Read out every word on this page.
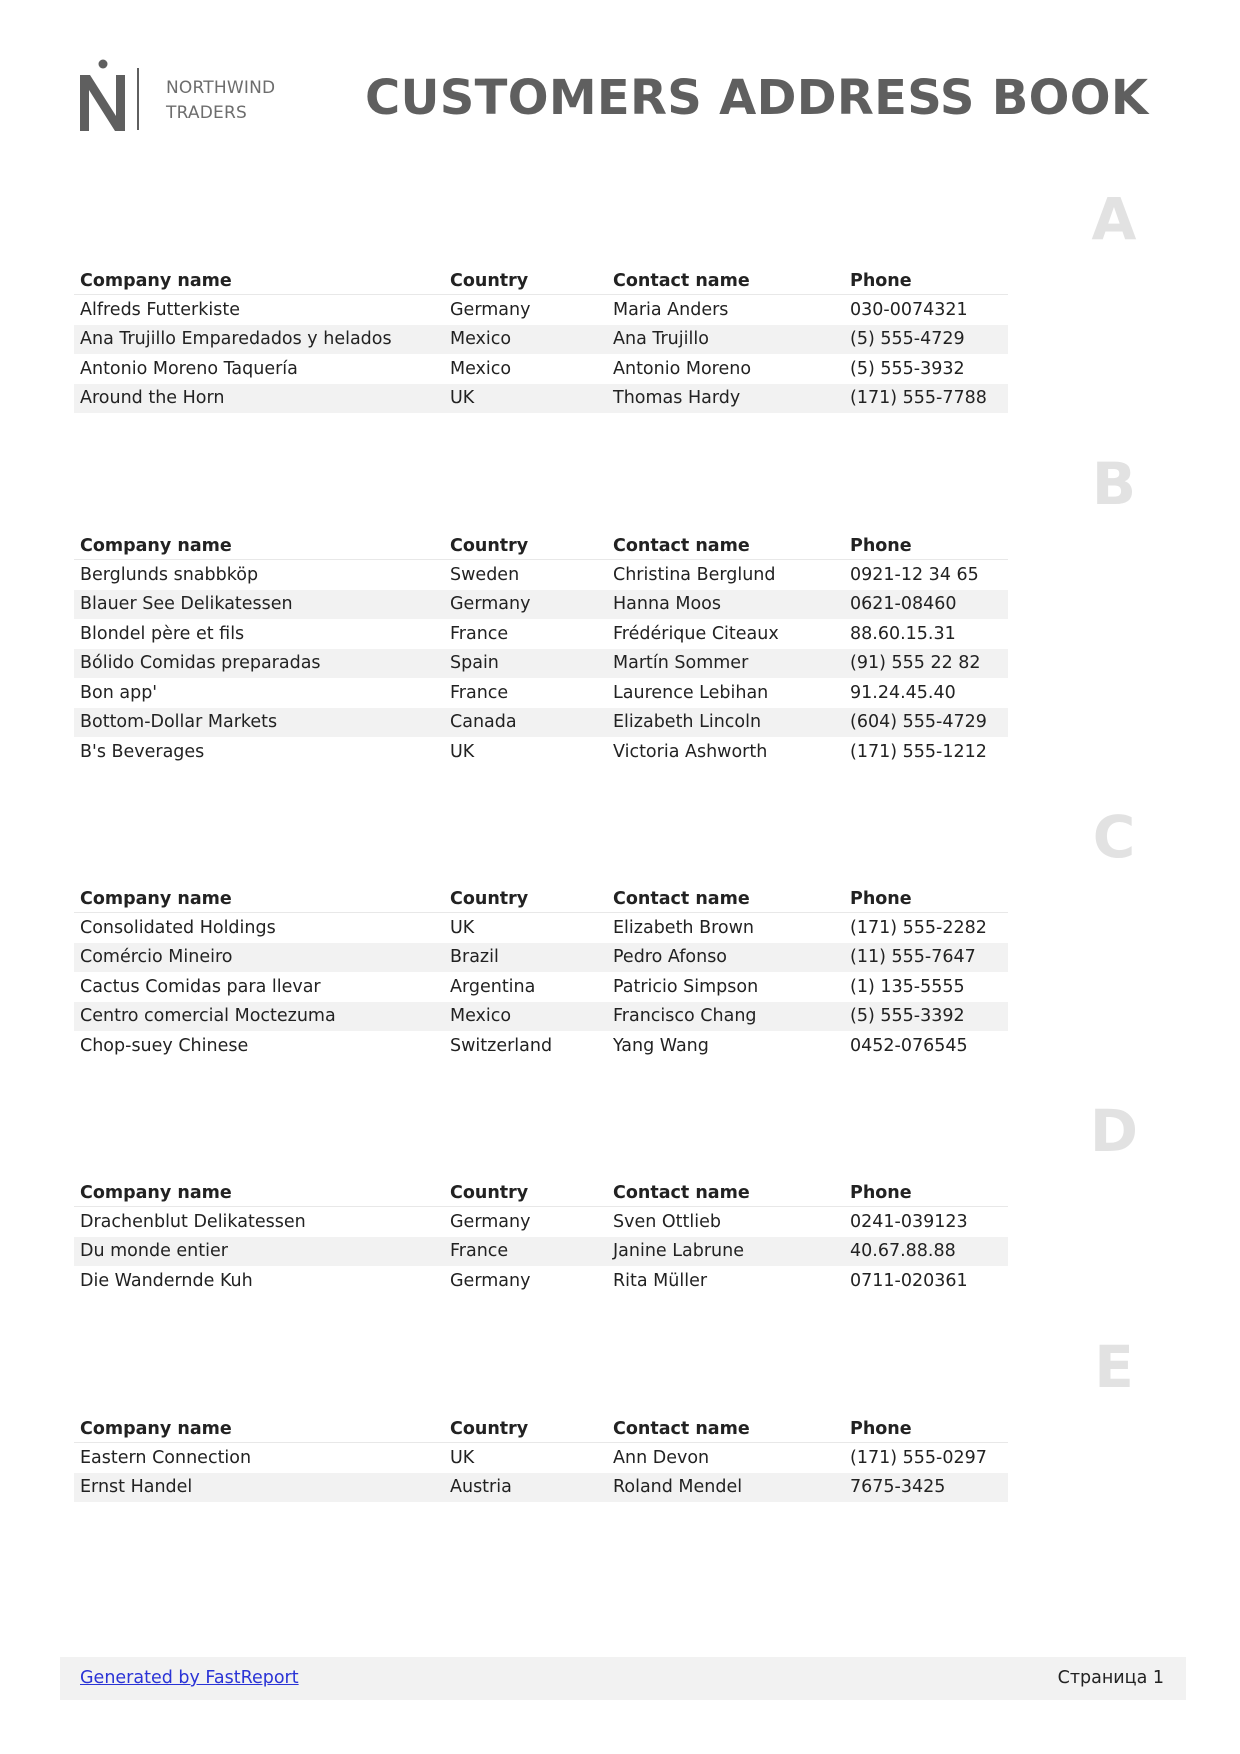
NORTHWIND
TRADERS	CUSTOMERS ADDRESS BOOK
Company name	Country	Contact name	Phone
Alfreds Futterkiste	Germany	Maria Anders	030-0074321
Ana Trujillo Emparedados y helados	Mexico	Ana Trujillo	(5) 555-4729
Antonio Moreno Taquería	Mexico	Antonio Moreno	(5) 555-3932
Around the Horn	UK	Thomas Hardy	(171) 555-7788
Company name	Country	Contact name	Phone
Berglunds snabbköp	Sweden	Christina Berglund	0921-12 34 65
Blauer See Delikatessen	Germany	Hanna Moos	0621-08460
Blondel père et fils	France	Frédérique Citeaux	88.60.15.31
Bólido Comidas preparadas	Spain	Martín Sommer	(91) 555 22 82
Bon app'	France	Laurence Lebihan	91.24.45.40
Bottom-Dollar Markets	Canada	Elizabeth Lincoln	(604) 555-4729
B's Beverages	UK	Victoria Ashworth	(171) 555-1212
Company name	Country	Contact name	Phone
Consolidated Holdings	UK	Elizabeth Brown	(171) 555-2282
Comércio Mineiro	Brazil	Pedro Afonso	(11) 555-7647
Cactus Comidas para llevar	Argentina	Patricio Simpson	(1) 135-5555
Centro comercial Moctezuma	Mexico	Francisco Chang	(5) 555-3392
Chop-suey Chinese	Switzerland	Yang Wang	0452-076545
Company name	Country	Contact name	Phone
Drachenblut Delikatessen	Germany	Sven Ottlieb	0241-039123
Du monde entier	France	Janine Labrune	40.67.88.88
Die Wandernde Kuh	Germany	Rita Müller	0711-020361
Company name	Country	Contact name	Phone
Eastern Connection	UK	Ann Devon	(171) 555-0297
Ernst Handel	Austria	Roland Mendel	7675-3425
Generated by FastReport	Страница 1
A
B
C
D
E
